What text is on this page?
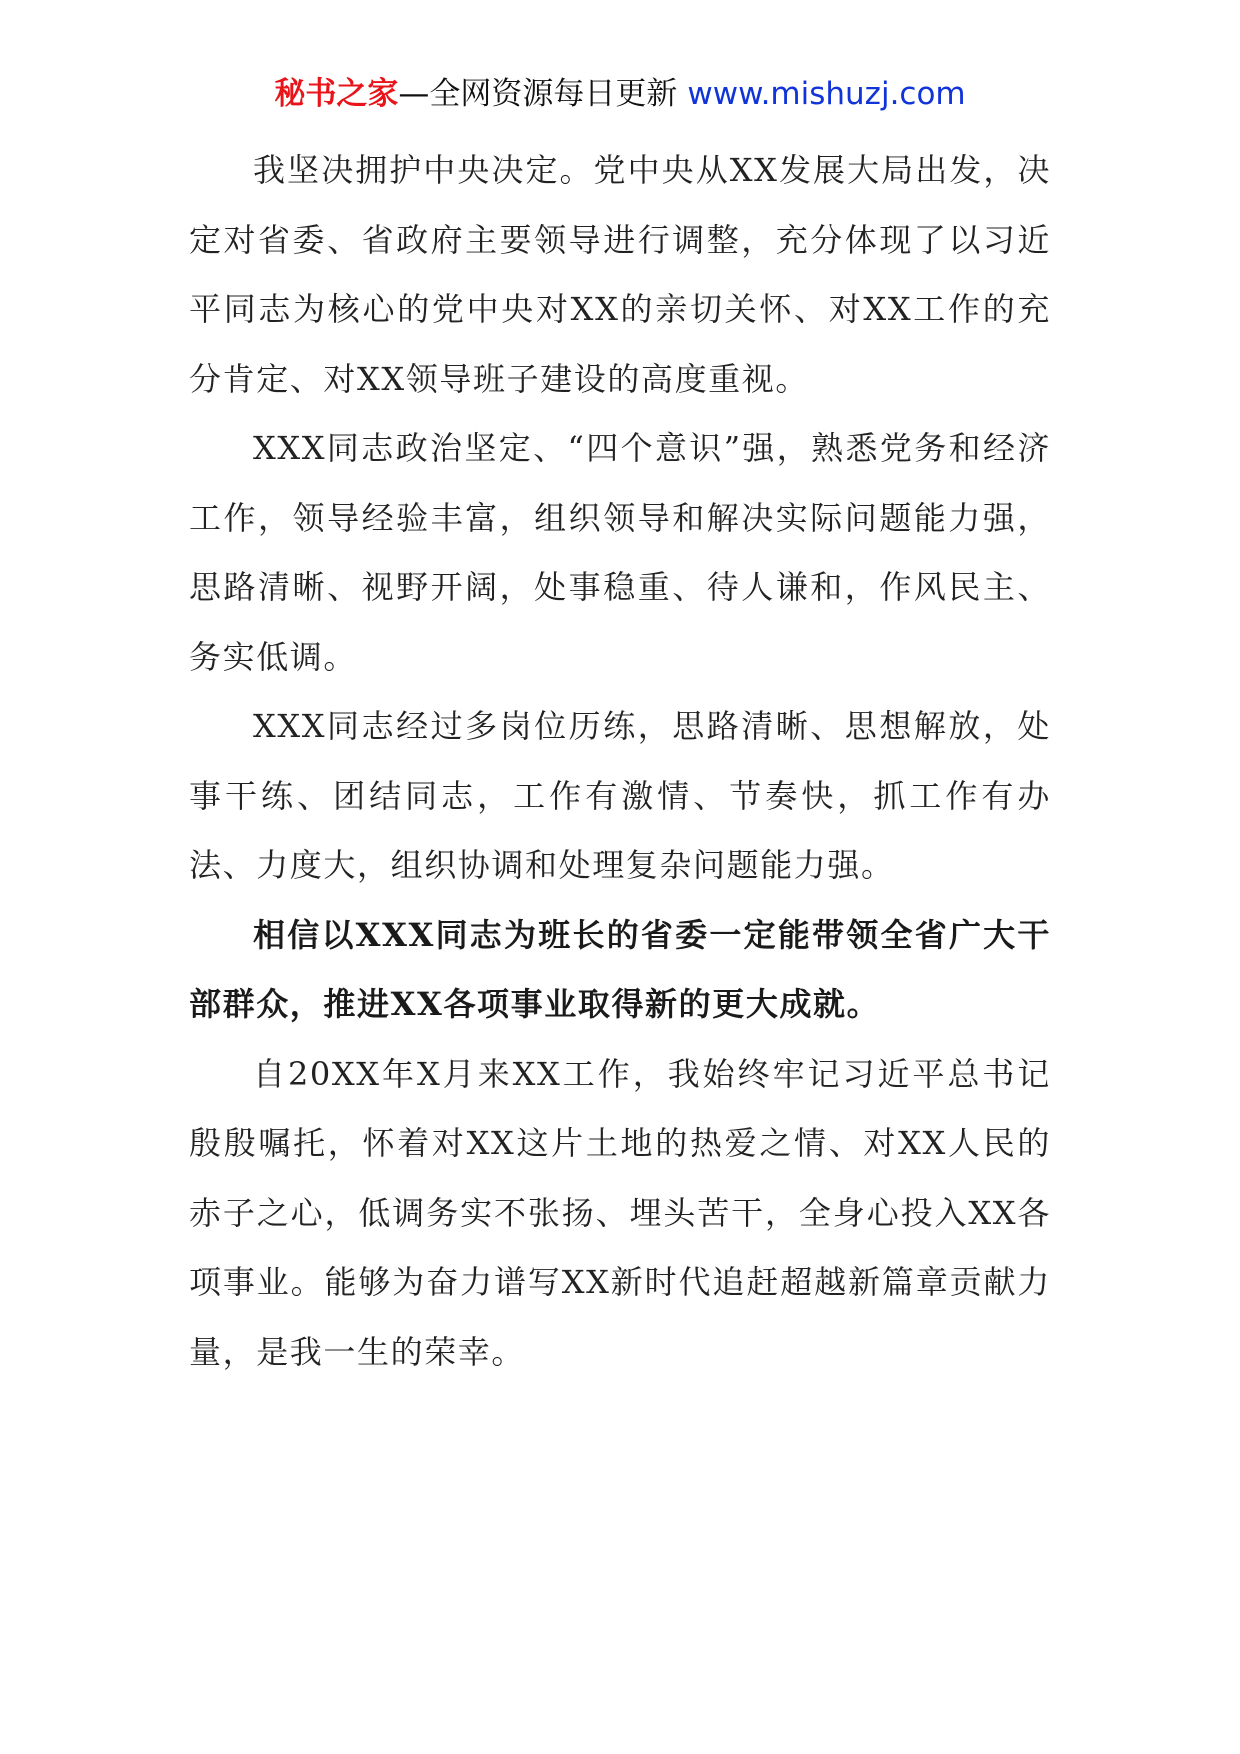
秘书之家—全网资源每日更新 www.mishuzj.com

我坚决拥护中央决定。党中央从XX发展大局出发，决定对省委、省政府主要领导进行调整，充分体现了以习近平同志为核心的党中央对XX的亲切关怀、对XX工作的充分肯定、对XX领导班子建设的高度重视。

XXX同志政治坚定、“四个意识”强，熟悉党务和经济工作，领导经验丰富，组织领导和解决实际问题能力强，思路清晰、视野开阔，处事稳重、待人谦和，作风民主、务实低调。

XXX同志经过多岗位历练，思路清晰、思想解放，处事干练、团结同志，工作有激情、节奏快，抓工作有办法、力度大，组织协调和处理复杂问题能力强。

相信以XXX同志为班长的省委一定能带领全省广大干部群众，推进XX各项事业取得新的更大成就。

自20XX年X月来XX工作，我始终牢记习近平总书记殷殷嘱托，怀着对XX这片土地的热爱之情、对XX人民的赤子之心，低调务实不张扬、埋头苦干，全身心投入XX各项事业。能够为奋力谱写XX新时代追赶超越新篇章贡献力量，是我一生的荣幸。
